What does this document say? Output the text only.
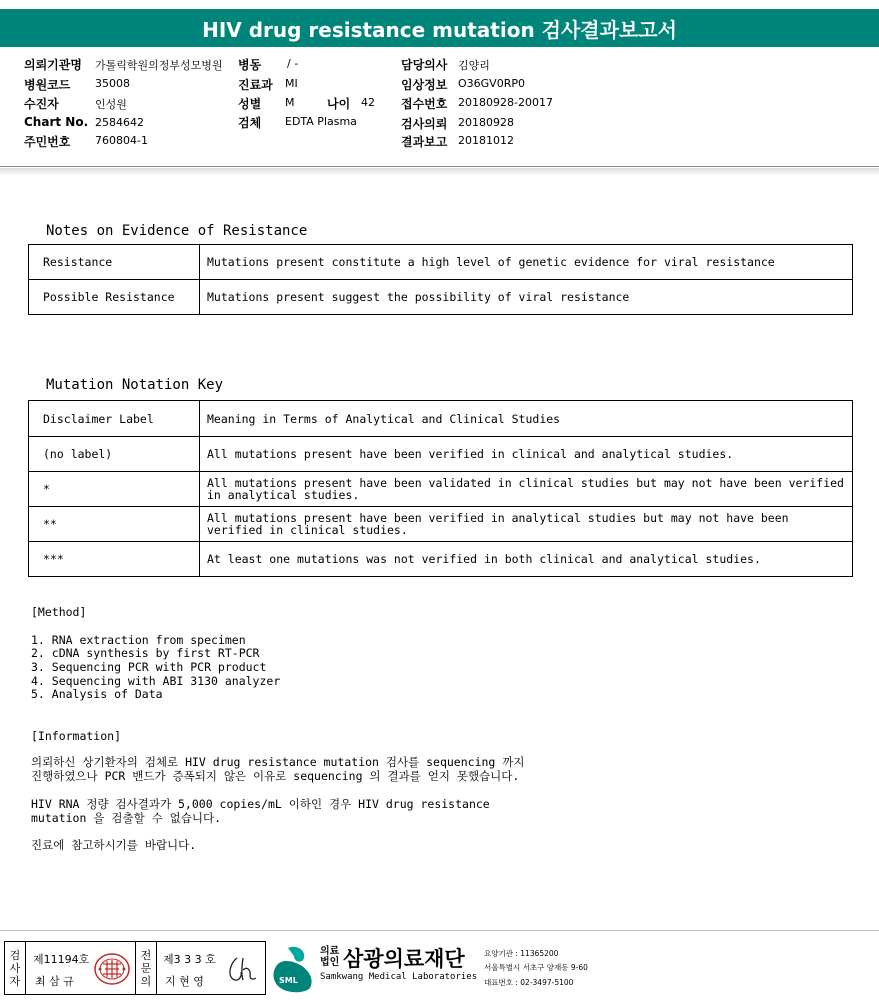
HIV drug resistance mutation 검사결과보고서
의뢰기관명 가톨릭학원의정부성모병원 병동 / -	담당의사 김양리
병원코드 35008	진료과 MI	임상정보 O36GV0RP0
수진자	인성원	성별 M	나이 42 접수번호 20180928-20017
Chart No. 2584642	검체 EDTA Plasma	검사의뢰 20180928
주민번호 760804-1	결과보고 20181012
Notes on Evidence of Resistance
Resistance	Mutations present constitute a high level of genetic evidence for viral resistance
Possible Resistance	Mutations present suggest the possibility of viral resistance
Mutation Notation Key
Disclaimer Label	Meaning in Terms of Analytical and Clinical Studies
(no label)	All mutations present have been verified in clinical and analytical studies.
*	All mutations present have been validated in clinical studies but may not have been verified in analytical studies.
**	All mutations present have been verified in analytical studies but may not have been verified in clinical studies.
***	At least one mutations was not verified in both clinical and analytical studies.
[Method]
1. RNA extraction from specimen
2. cDNA synthesis by first RT-PCR
3. Sequencing PCR with PCR product
4. Sequencing with ABI 3130 analyzer
5. Analysis of Data
[Information]
의뢰하신 상기환자의 검체로 HIV drug resistance mutation 검사를 sequencing 까지
진행하였으나 PCR 밴드가 증폭되지 않은 이유로 sequencing 의 결과를 얻지 못했습니다.
HIV RNA 정량 검사결과가 5,000 copies/mL 이하인 경우 HIV drug resistance
mutation 을 검출할 수 없습니다.
진료에 참고하시기를 바랍니다.
검
사
자
제11194호
최 삼 규
전
문
의
제3 3 3 호
지 현 영	SML
의료
법인 삼광의료재단
Samkwang Medical Laboratories
요양기관 : 11365200
서울특별시 서초구 양재동 9-60
대표번호 : 02-3497-5100
